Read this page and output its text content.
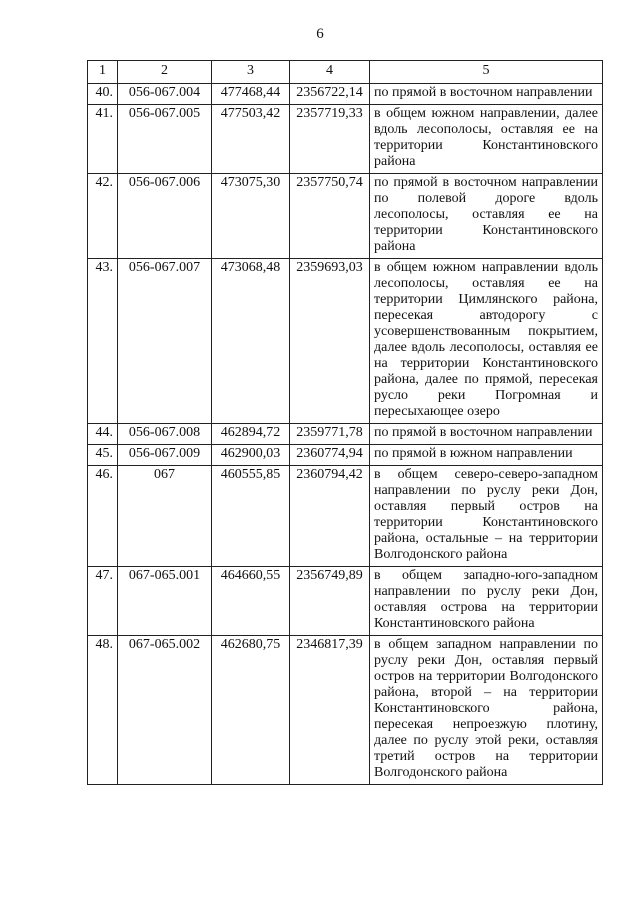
6
1	2	3	4	5
40.	056-067.004	477468,44	2356722,14	по прямой в восточном направлении
41.	056-067.005	477503,42	2357719,33	в общем южном направлении, далее вдоль лесополосы, оставляя ее на территории Константиновского района
42.	056-067.006	473075,30	2357750,74	по прямой в восточном направлении по полевой дороге вдоль лесополосы, оставляя ее на территории Константиновского района
43.	056-067.007	473068,48	2359693,03	в общем южном направлении вдоль лесополосы, оставляя ее на территории Цимлянского района, пересекая автодорогу с усовершенствованным покрытием, далее вдоль лесополосы, оставляя ее на территории Константиновского района, далее по прямой, пересекая русло реки Погромная и пересыхающее озеро
44.	056-067.008	462894,72	2359771,78	по прямой в восточном направлении
45.	056-067.009	462900,03	2360774,94	по прямой в южном направлении
46.	067	460555,85	2360794,42	в общем северо-северо-западном направлении по руслу реки Дон, оставляя первый остров на территории Константиновского района, остальные – на территории Волгодонского района
47.	067-065.001	464660,55	2356749,89	в общем западно-юго-западном направлении по руслу реки Дон, оставляя острова на территории Константиновского района
48.	067-065.002	462680,75	2346817,39	в общем западном направлении по руслу реки Дон, оставляя первый остров на территории Волгодонского района, второй – на территории Константиновского района, пересекая непроезжую плотину, далее по руслу этой реки, оставляя третий остров на территории Волгодонского района
